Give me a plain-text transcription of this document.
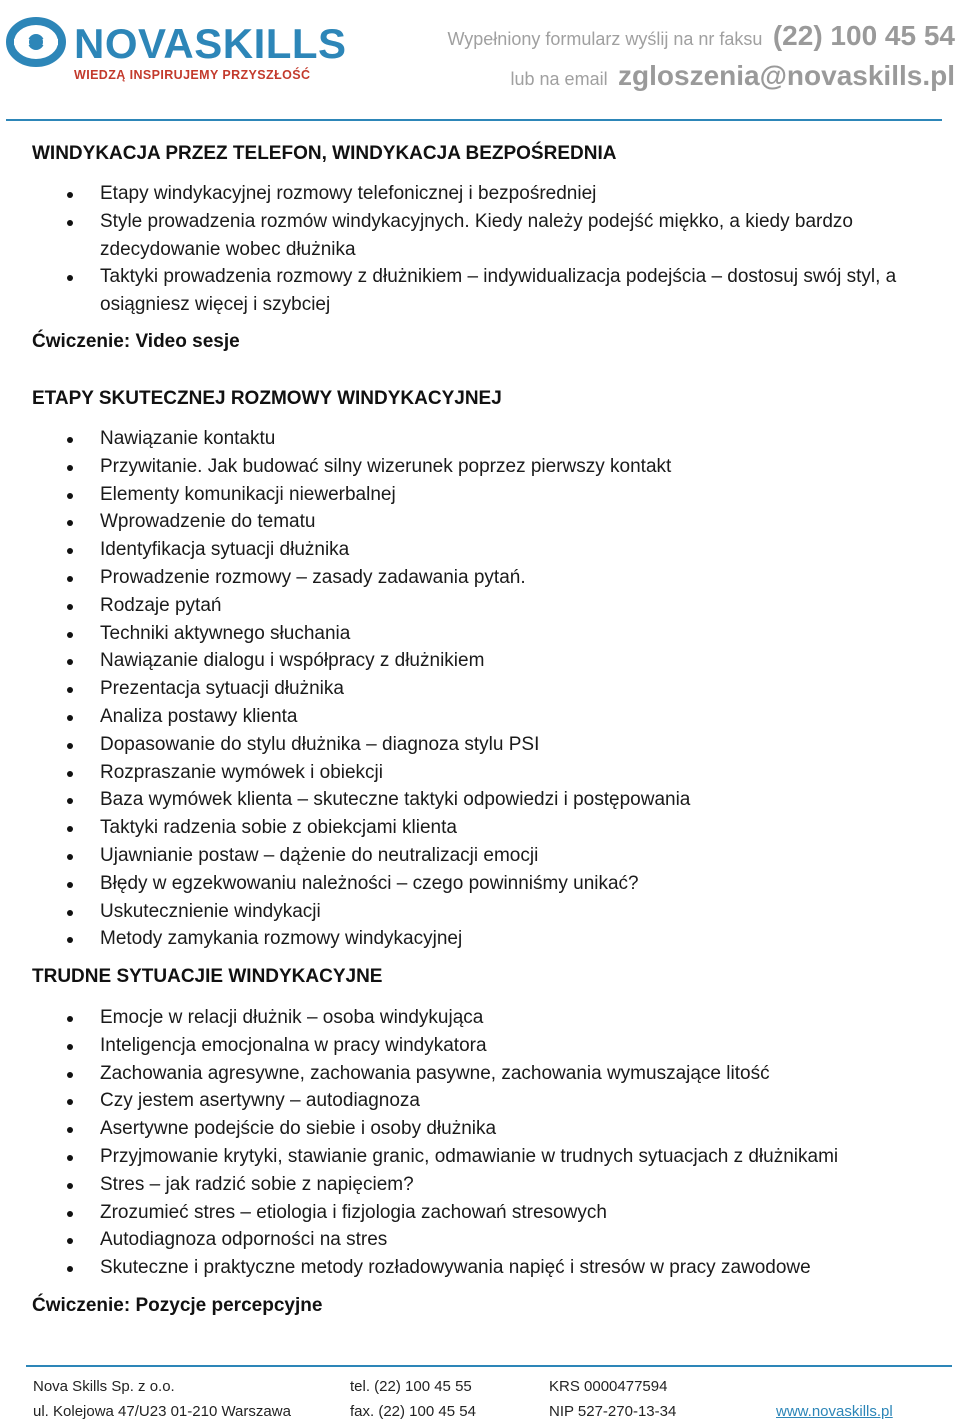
NOVASKILLS
WIEDZĄ INSPIRUJEMY PRZYSZŁOŚĆ
Wypełniony formularz wyślij na nr faksu (22) 100 45 54
lub na email zgloszenia@novaskills.pl

WINDYKACJA PRZEZ TELEFON, WINDYKACJA BEZPOŚREDNIA

Etapy windykacyjnej rozmowy telefonicznej i bezpośredniej
Style prowadzenia rozmów windykacyjnych. Kiedy należy podejść miękko, a kiedy bardzo zdecydowanie wobec dłużnika
Taktyki prowadzenia rozmowy z dłużnikiem – indywidualizacja podejścia – dostosuj swój styl, a osiągniesz więcej i szybciej

Ćwiczenie: Video sesje

ETAPY SKUTECZNEJ ROZMOWY WINDYKACYJNEJ

Nawiązanie kontaktu
Przywitanie. Jak budować silny wizerunek poprzez pierwszy kontakt
Elementy komunikacji niewerbalnej
Wprowadzenie do tematu
Identyfikacja sytuacji dłużnika
Prowadzenie rozmowy – zasady zadawania pytań.
Rodzaje pytań
Techniki aktywnego słuchania
Nawiązanie dialogu i współpracy z dłużnikiem
Prezentacja sytuacji dłużnika
Analiza postawy klienta
Dopasowanie do stylu dłużnika – diagnoza stylu PSI
Rozpraszanie wymówek i obiekcji
Baza wymówek klienta – skuteczne taktyki odpowiedzi i postępowania
Taktyki radzenia sobie z obiekcjami klienta
Ujawnianie postaw – dążenie do neutralizacji emocji
Błędy w egzekwowaniu należności – czego powinniśmy unikać?
Uskutecznienie windykacji
Metody zamykania rozmowy windykacyjnej

TRUDNE SYTUACJIE WINDYKACYJNE

Emocje w relacji dłużnik – osoba windykująca
Inteligencja emocjonalna w pracy windykatora
Zachowania agresywne, zachowania pasywne, zachowania wymuszające litość
Czy jestem asertywny – autodiagnoza
Asertywne podejście do siebie i osoby dłużnika
Przyjmowanie krytyki, stawianie granic, odmawianie w trudnych sytuacjach z dłużnikami
Stres – jak radzić sobie z napięciem?
Zrozumieć stres – etiologia i fizjologia zachowań stresowych
Autodiagnoza odporności na stres
Skuteczne i praktyczne metody rozładowywania napięć i stresów w pracy zawodowe

Ćwiczenie: Pozycje percepcyjne

Nova Skills Sp. z o.o.	tel. (22) 100 45 55	KRS 0000477594
ul. Kolejowa 47/U23 01-210 Warszawa	fax. (22) 100 45 54	NIP 527-270-13-34	www.novaskills.pl
